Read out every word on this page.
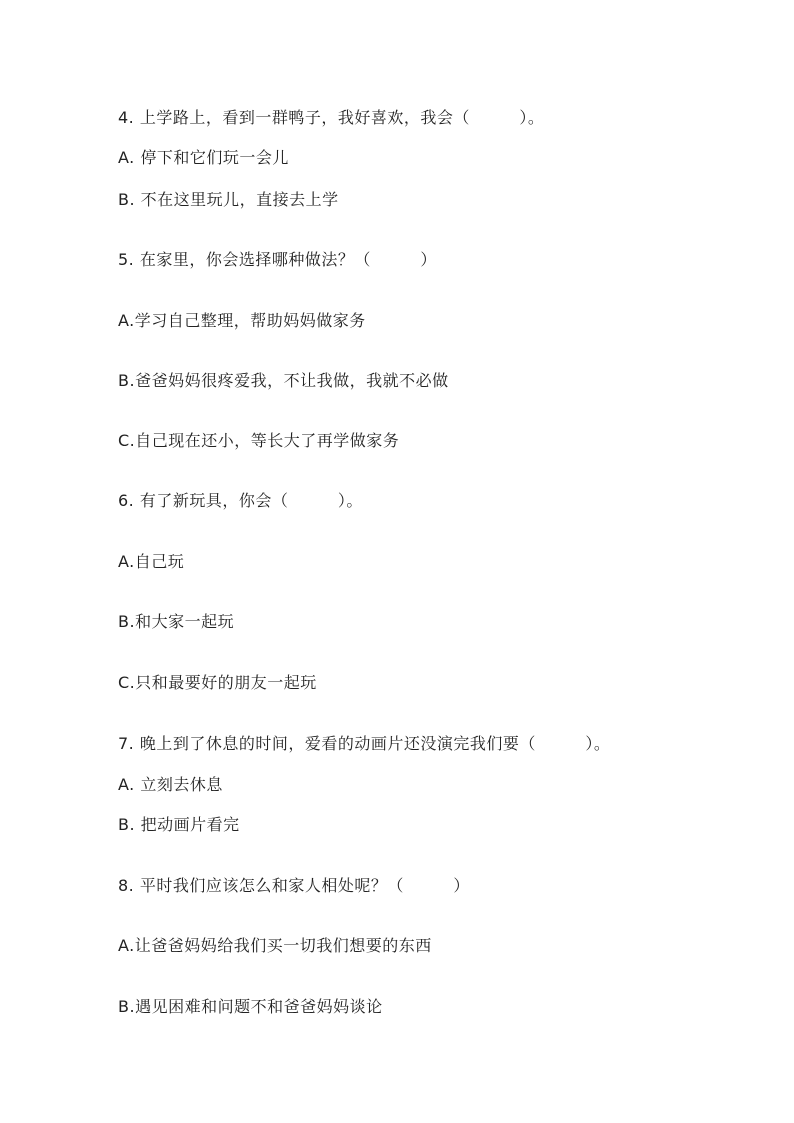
4. 上学路上，看到一群鸭子，我好喜欢，我会（　　　）。
A. 停下和它们玩一会儿
B. 不在这里玩儿，直接去上学
5. 在家里，你会选择哪种做法？（　　　）
A.学习自己整理，帮助妈妈做家务
B.爸爸妈妈很疼爱我，不让我做，我就不必做
C.自己现在还小，等长大了再学做家务
6. 有了新玩具，你会（　　　）。
A.自己玩
B.和大家一起玩
C.只和最要好的朋友一起玩
7. 晚上到了休息的时间，爱看的动画片还没演完我们要（　　　）。
A. 立刻去休息
B. 把动画片看完
8. 平时我们应该怎么和家人相处呢？（　　　）
A.让爸爸妈妈给我们买一切我们想要的东西
B.遇见困难和问题不和爸爸妈妈谈论
